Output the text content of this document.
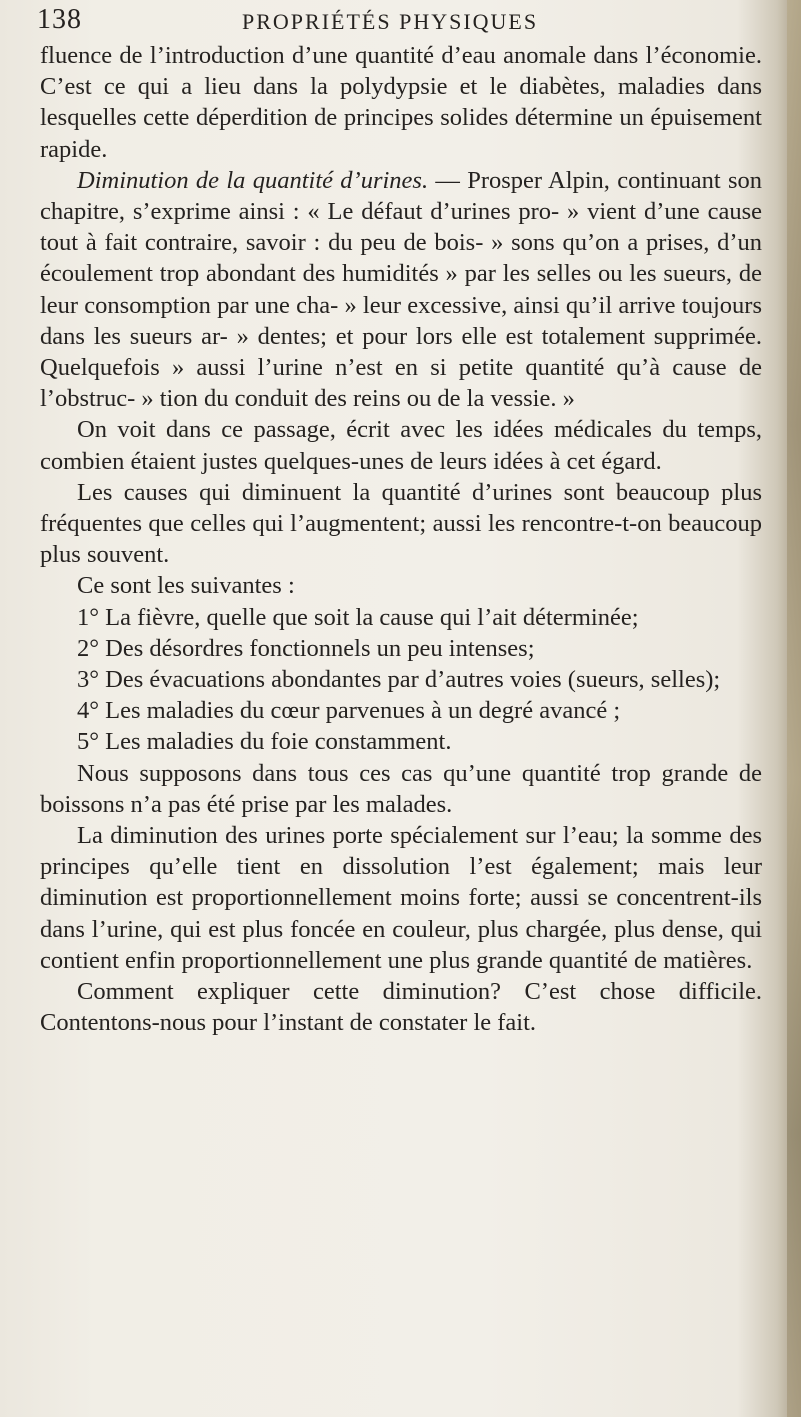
138	PROPRIÉTÉS PHYSIQUES

fluence de l’introduction d’une quantité d’eau anomale dans l’économie. C’est ce qui a lieu dans la polydypsie et le diabètes, maladies dans lesquelles cette déperdition de principes solides détermine un épuisement rapide.

Diminution de la quantité d’urines. — Prosper Alpin, continuant son chapitre, s’exprime ainsi : « Le défaut d’urines pro- » vient d’une cause tout à fait contraire, savoir : du peu de bois- » sons qu’on a prises, d’un écoulement trop abondant des humidités » par les selles ou les sueurs, de leur consomption par une cha- » leur excessive, ainsi qu’il arrive toujours dans les sueurs ar- » dentes; et pour lors elle est totalement supprimée. Quelquefois » aussi l’urine n’est en si petite quantité qu’à cause de l’obstruc- » tion du conduit des reins ou de la vessie. »

On voit dans ce passage, écrit avec les idées médicales du temps, combien étaient justes quelques-unes de leurs idées à cet égard.

Les causes qui diminuent la quantité d’urines sont beaucoup plus fréquentes que celles qui l’augmentent; aussi les rencontre-t-on beaucoup plus souvent.

Ce sont les suivantes :

1° La fièvre, quelle que soit la cause qui l’ait déterminée;

2° Des désordres fonctionnels un peu intenses;

3° Des évacuations abondantes par d’autres voies (sueurs, selles);

4° Les maladies du cœur parvenues à un degré avancé ;

5° Les maladies du foie constamment.

Nous supposons dans tous ces cas qu’une quantité trop grande de boissons n’a pas été prise par les malades.

La diminution des urines porte spécialement sur l’eau; la somme des principes qu’elle tient en dissolution l’est également; mais leur diminution est proportionnellement moins forte; aussi se concentrent-ils dans l’urine, qui est plus foncée en couleur, plus chargée, plus dense, qui contient enfin proportionnellement une plus grande quantité de matières.

Comment expliquer cette diminution? C’est chose difficile. Contentons-nous pour l’instant de constater le fait.
